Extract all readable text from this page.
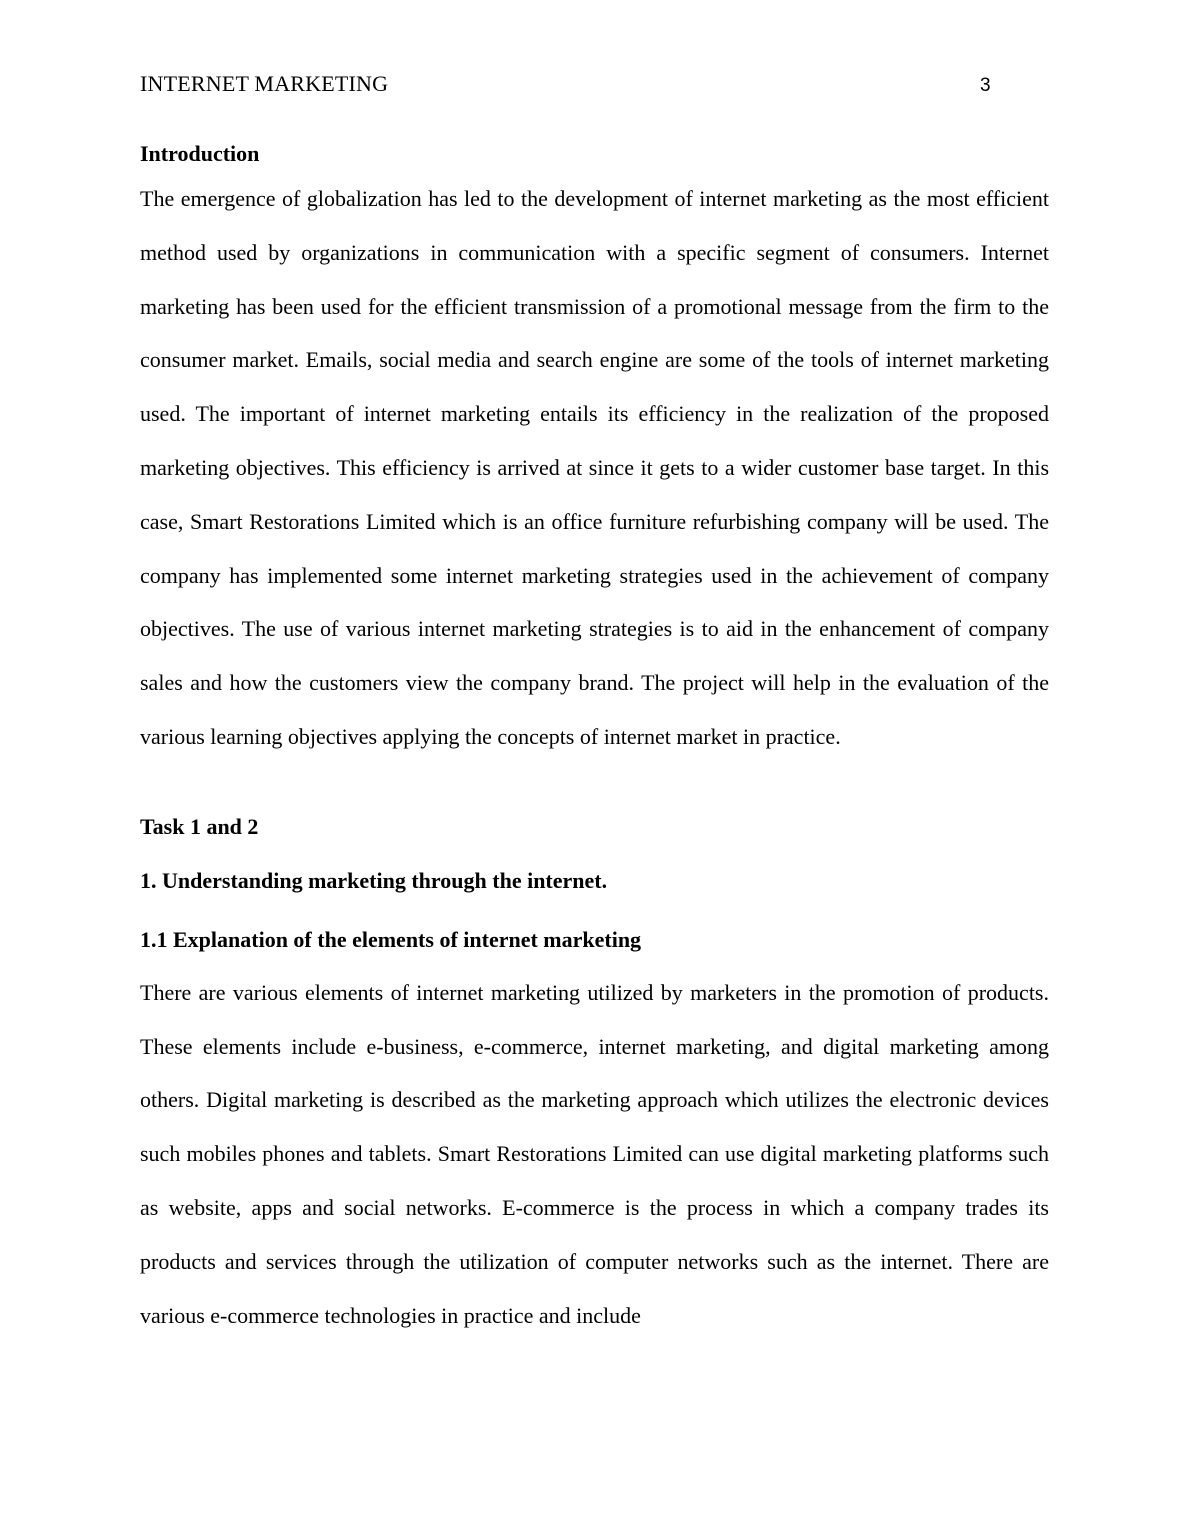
INTERNET MARKETING	3
Introduction

The emergence of globalization has led to the development of internet marketing as the most efficient method used by organizations in communication with a specific segment of consumers. Internet marketing has been used for the efficient transmission of a promotional message from the firm to the consumer market. Emails, social media and search engine are some of the tools of internet marketing used. The important of internet marketing entails its efficiency in the realization of the proposed marketing objectives. This efficiency is arrived at since it gets to a wider customer base target. In this case, Smart Restorations Limited which is an office furniture refurbishing company will be used. The company has implemented some internet marketing strategies used in the achievement of company objectives. The use of various internet marketing strategies is to aid in the enhancement of company sales and how the customers view the company brand. The project will help in the evaluation of the various learning objectives applying the concepts of internet market in practice.

Task 1 and 2
1. Understanding marketing through the internet.
1.1 Explanation of the elements of internet marketing

There are various elements of internet marketing utilized by marketers in the promotion of products. These elements include e-business, e-commerce, internet marketing, and digital marketing among others. Digital marketing is described as the marketing approach which utilizes the electronic devices such mobiles phones and tablets. Smart Restorations Limited can use digital marketing platforms such as website, apps and social networks. E-commerce is the process in which a company trades its products and services through the utilization of computer networks such as the internet. There are various e-commerce technologies in practice and include
